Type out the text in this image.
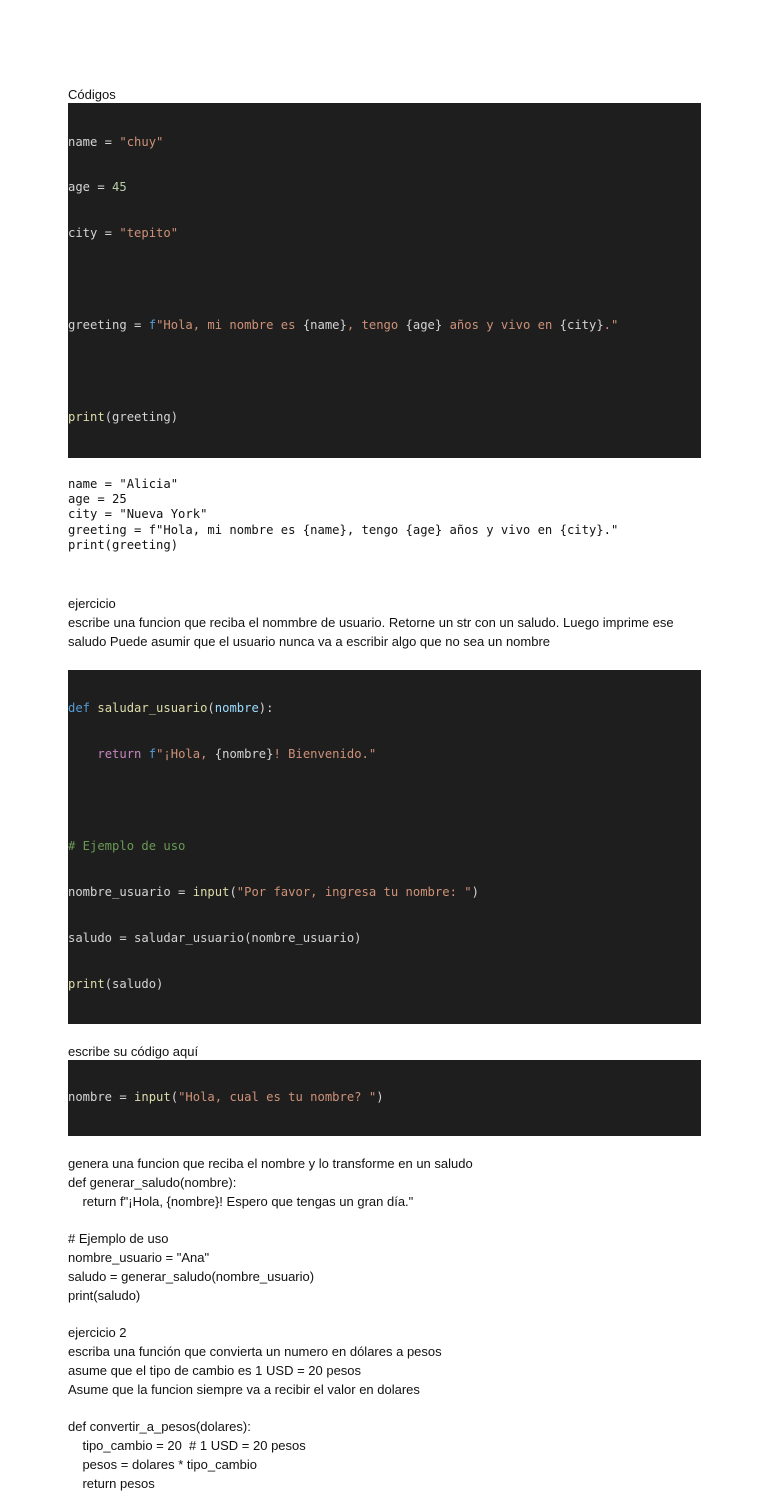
Códigos

name = "chuy"

age = 45

city = "tepito"

greeting = f"Hola, mi nombre es {name}, tengo {age} años y vivo en {city}."

print(greeting)

name = "Alicia"
age = 25
city = "Nueva York"
greeting = f"Hola, mi nombre es {name}, tengo {age} años y vivo en {city}."
print(greeting)
ejercicio
escribe una funcion que reciba el nommbre de usuario. Retorne un str con un saludo. Luego imprime ese saludo Puede asumir que el usuario nunca va a escribir algo que no sea un nombre

def saludar_usuario(nombre):

return f"¡Hola, {nombre}! Bienvenido."

# Ejemplo de uso

nombre_usuario = input("Por favor, ingresa tu nombre: ")

saludo = saludar_usuario(nombre_usuario)

print(saludo)

escribe su código aquí

nombre = input("Hola, cual es tu nombre? ")

genera una funcion que reciba el nombre y lo transforme en un saludo
def generar_saludo(nombre):
return f"¡Hola, {nombre}! Espero que tengas un gran día."

# Ejemplo de uso
nombre_usuario = "Ana"
saludo = generar_saludo(nombre_usuario)
print(saludo)

ejercicio 2
escriba una función que convierta un numero en dólares a pesos
asume que el tipo de cambio es 1 USD = 20 pesos
Asume que la funcion siempre va a recibir el valor en dolares

def convertir_a_pesos(dolares):
tipo_cambio = 20  # 1 USD = 20 pesos
pesos = dolares * tipo_cambio
return pesos
